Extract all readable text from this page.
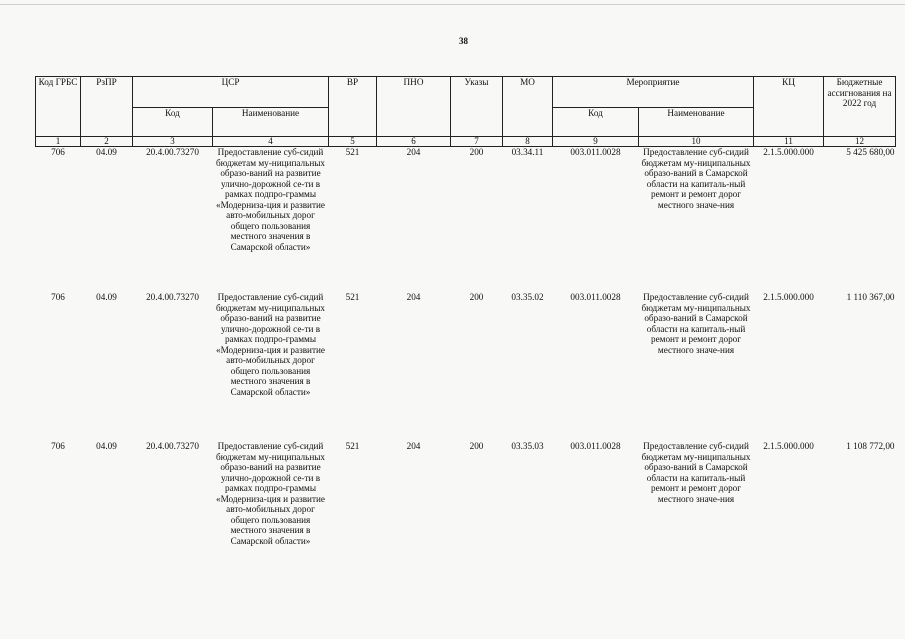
38
Код ГРБС	РзПР	ЦСР		ВР	ПНО	Указы	МО	Мероприятие		КЦ	Бюджетные ассигнования на 2022 год
		Код	Наименование					Код	Наименование		
1	2	3	4	5	6	7	8	9	10	11	12
706	04.09	20.4.00.73270	Предоставление суб-сидий бюджетам му-ниципальных образо-ваний на развитие улично-дорожной се-ти в рамках подпро-граммы «Модерниза-ция и развитие авто-мобильных дорог общего пользования местного значения в Самарской области»	521	204	200	03.34.11	003.011.0028	Предоставление суб-сидий бюджетам му-ниципальных образо-ваний в Самарской области на капиталь-ный ремонт и ремонт дорог местного значе-ния	2.1.5.000.000	5 425 680,00
706	04.09	20.4.00.73270	Предоставление суб-сидий бюджетам му-ниципальных образо-ваний на развитие улично-дорожной се-ти в рамках подпро-граммы «Модерниза-ция и развитие авто-мобильных дорог общего пользования местного значения в Самарской области»	521	204	200	03.35.02	003.011.0028	Предоставление суб-сидий бюджетам му-ниципальных образо-ваний в Самарской области на капиталь-ный ремонт и ремонт дорог местного значе-ния	2.1.5.000.000	1 110 367,00
706	04.09	20.4.00.73270	Предоставление суб-сидий бюджетам му-ниципальных образо-ваний на развитие улично-дорожной се-ти в рамках подпро-граммы «Модерниза-ция и развитие авто-мобильных дорог общего пользования местного значения в Самарской области»	521	204	200	03.35.03	003.011.0028	Предоставление суб-сидий бюджетам му-ниципальных образо-ваний в Самарской области на капиталь-ный ремонт и ремонт дорог местного значе-ния	2.1.5.000.000	1 108 772,00
